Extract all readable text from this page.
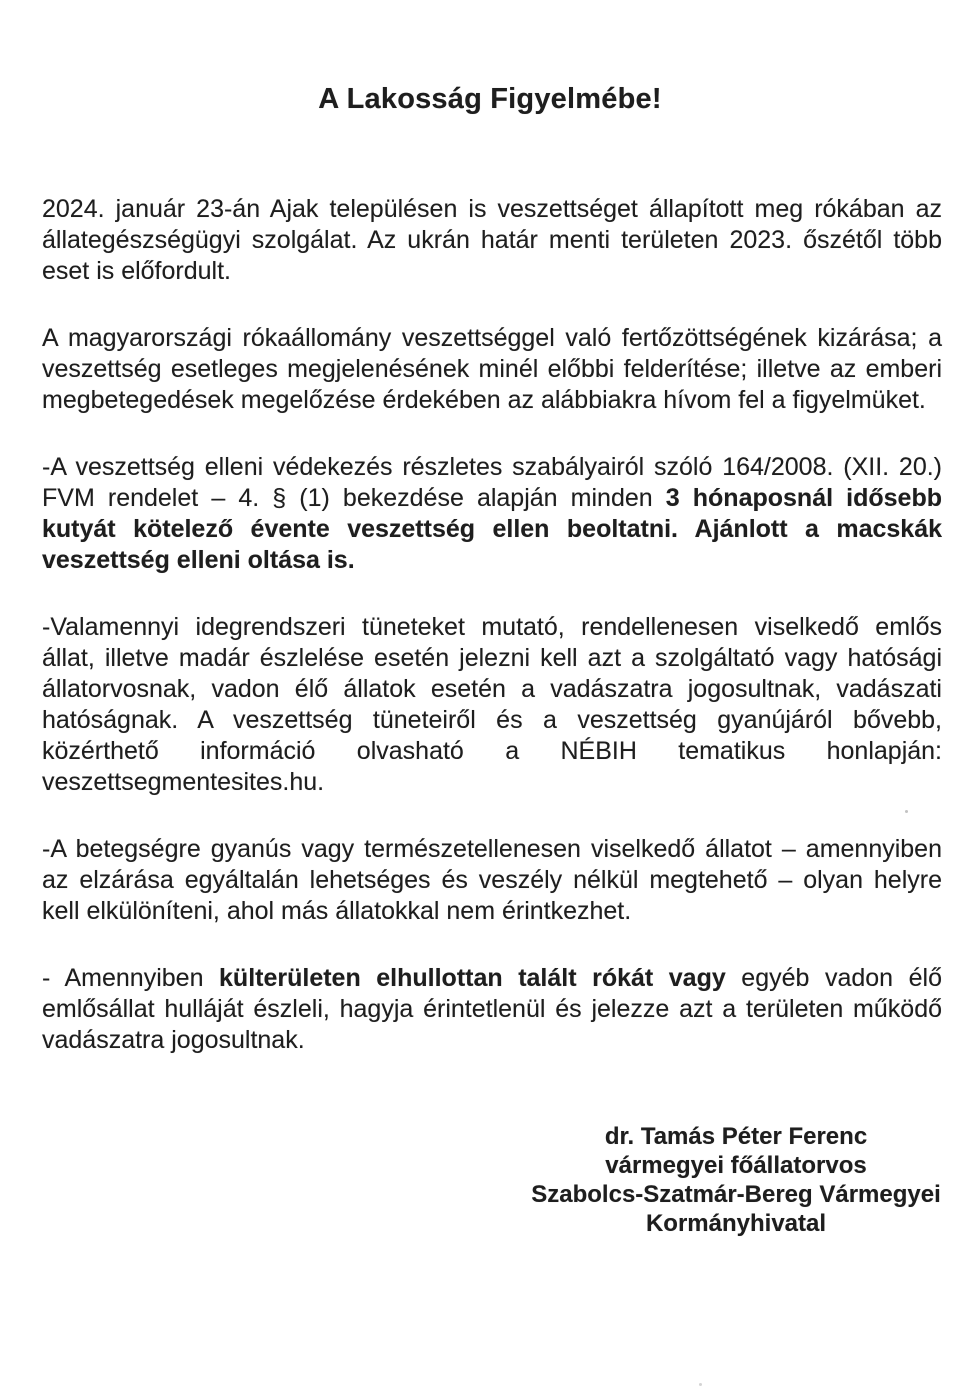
A Lakosság Figyelmébe!

2024. január 23-án Ajak településen is veszettséget állapított meg rókában az állategészségügyi szolgálat. Az ukrán határ menti területen 2023. őszétől több eset is előfordult.

A magyarországi rókaállomány veszettséggel való fertőzöttségének kizárása; a veszettség esetleges megjelenésének minél előbbi felderítése; illetve az emberi megbetegedések megelőzése érdekében az alábbiakra hívom fel a figyelmüket.

-A veszettség elleni védekezés részletes szabályairól szóló 164/2008. (XII. 20.) FVM rendelet – 4. § (1) bekezdése alapján minden 3 hónaposnál idősebb kutyát kötelező évente veszettség ellen beoltatni. Ajánlott a macskák veszettség elleni oltása is.

-Valamennyi idegrendszeri tüneteket mutató, rendellenesen viselkedő emlős állat, illetve madár észlelése esetén jelezni kell azt a szolgáltató vagy hatósági állatorvosnak, vadon élő állatok esetén a vadászatra jogosultnak, vadászati hatóságnak. A veszettség tüneteiről és a veszettség gyanújáról bővebb, közérthető információ olvasható a NÉBIH tematikus honlapján: veszettsegmentesites.hu.

-A betegségre gyanús vagy természetellenesen viselkedő állatot – amennyiben az elzárása egyáltalán lehetséges és veszély nélkül megtehető – olyan helyre kell elkülöníteni, ahol más állatokkal nem érintkezhet.

- Amennyiben külterületen elhullottan talált rókát vagy egyéb vadon élő emlősállat hulláját észleli, hagyja érintetlenül és jelezze azt a területen működő vadászatra jogosultnak.

dr. Tamás Péter Ferenc
vármegyei főállatorvos
Szabolcs-Szatmár-Bereg Vármegyei
Kormányhivatal
